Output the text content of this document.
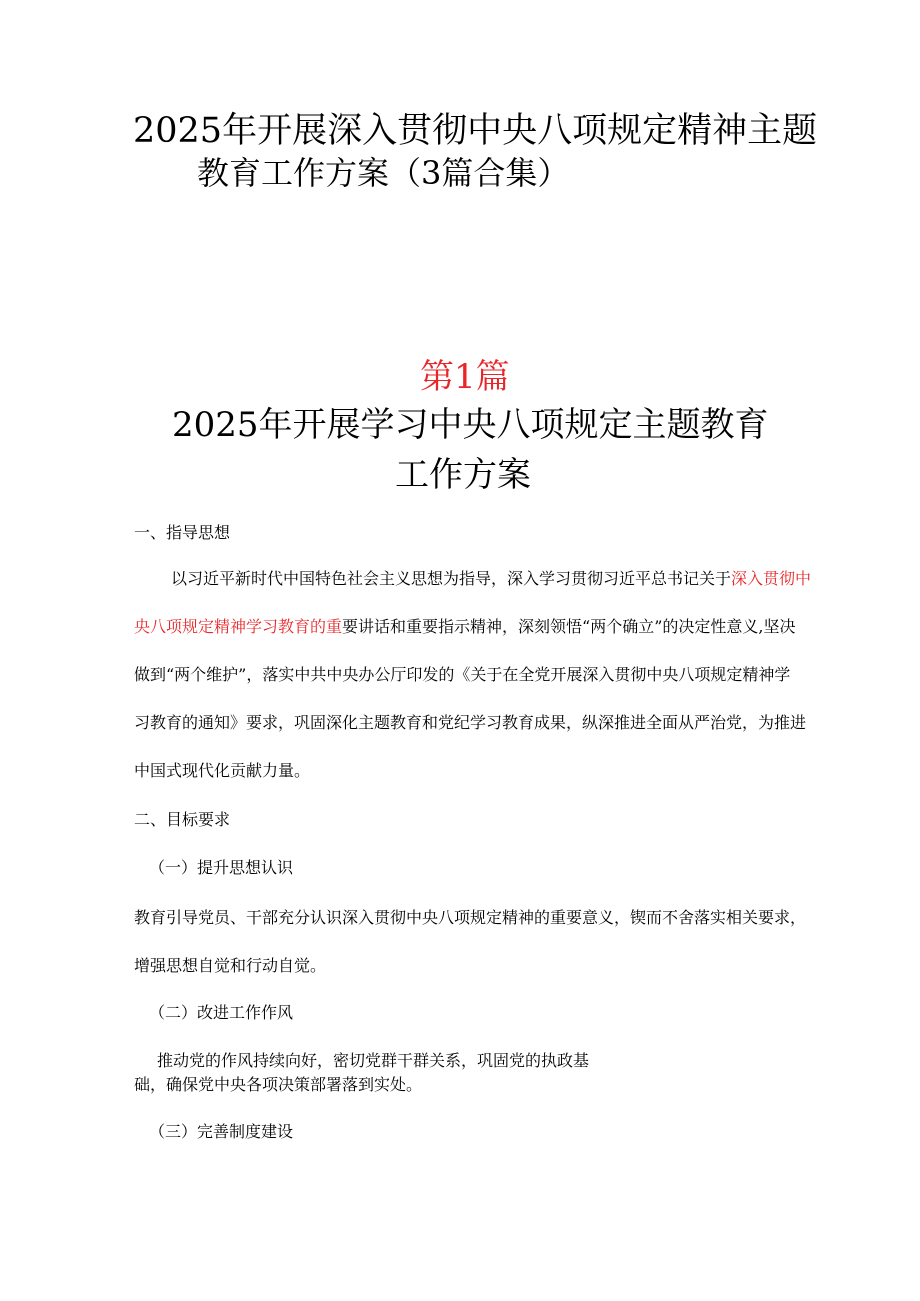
2025年开展深入贯彻中央八项规定精神主题
教育工作方案（3篇合集）
第1篇
2025年开展学习中央八项规定主题教育
工作方案
一、指导思想
以习近平新时代中国特色社会主义思想为指导，深入学习贯彻习近平总书记关于深入贯彻中
央八项规定精神学习教育的重要讲话和重要指示精神，深刻领悟“两个确立”的决定性意义,坚决
做到“两个维护”，落实中共中央办公厅印发的《关于在全党开展深入贯彻中央八项规定精神学
习教育的通知》要求，巩固深化主题教育和党纪学习教育成果，纵深推进全面从严治党，为推进
中国式现代化贡献力量。
二、目标要求
（一）提升思想认识
教育引导党员、干部充分认识深入贯彻中央八项规定精神的重要意义，锲而不舍落实相关要求，
增强思想自觉和行动自觉。
（二）改进工作作风
推动党的作风持续向好，密切党群干群关系，巩固党的执政基
础，确保党中央各项决策部署落到实处。
（三）完善制度建设
